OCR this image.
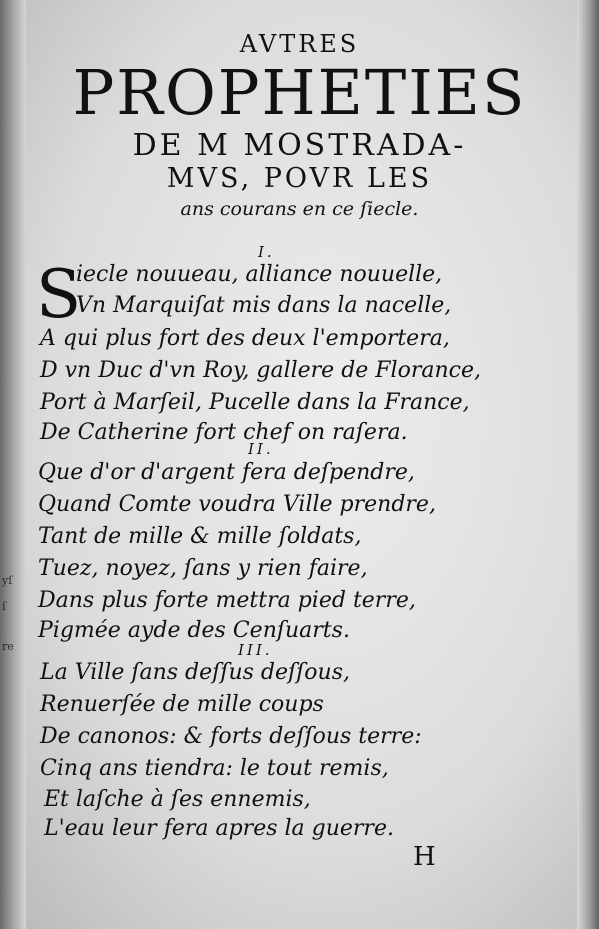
yſ
ſ
re
AVTRES
PROPHETIES
DE M MOSTRADA-
MVS, POVR LES
ans courans en ce ſiecle.
I.
S
iecle nouueau, alliance nouuelle,
Vn Marquiſat mis dans la nacelle,
A qui plus fort des deux l'emportera,
D vn Duc d'vn Roy, gallere de Florance,
Port à Marſeil, Pucelle dans la France,
De Catherine fort chef on raſera.
II.
Que d'or d'argent fera deſpendre,
Quand Comte voudra Ville prendre,
Tant de mille & mille ſoldats,
Tuez, noyez, ſans y rien faire,
Dans plus forte mettra pied terre,
Pigmée ayde des Cenſuarts.
III.
La Ville ſans deſſus deſſous,
Renuerſée de mille coups
De canonos: & forts deſſous terre:
Cinq ans tiendra: le tout remis,
Et laſche à ſes ennemis,
L'eau leur fera apres la guerre.
H
